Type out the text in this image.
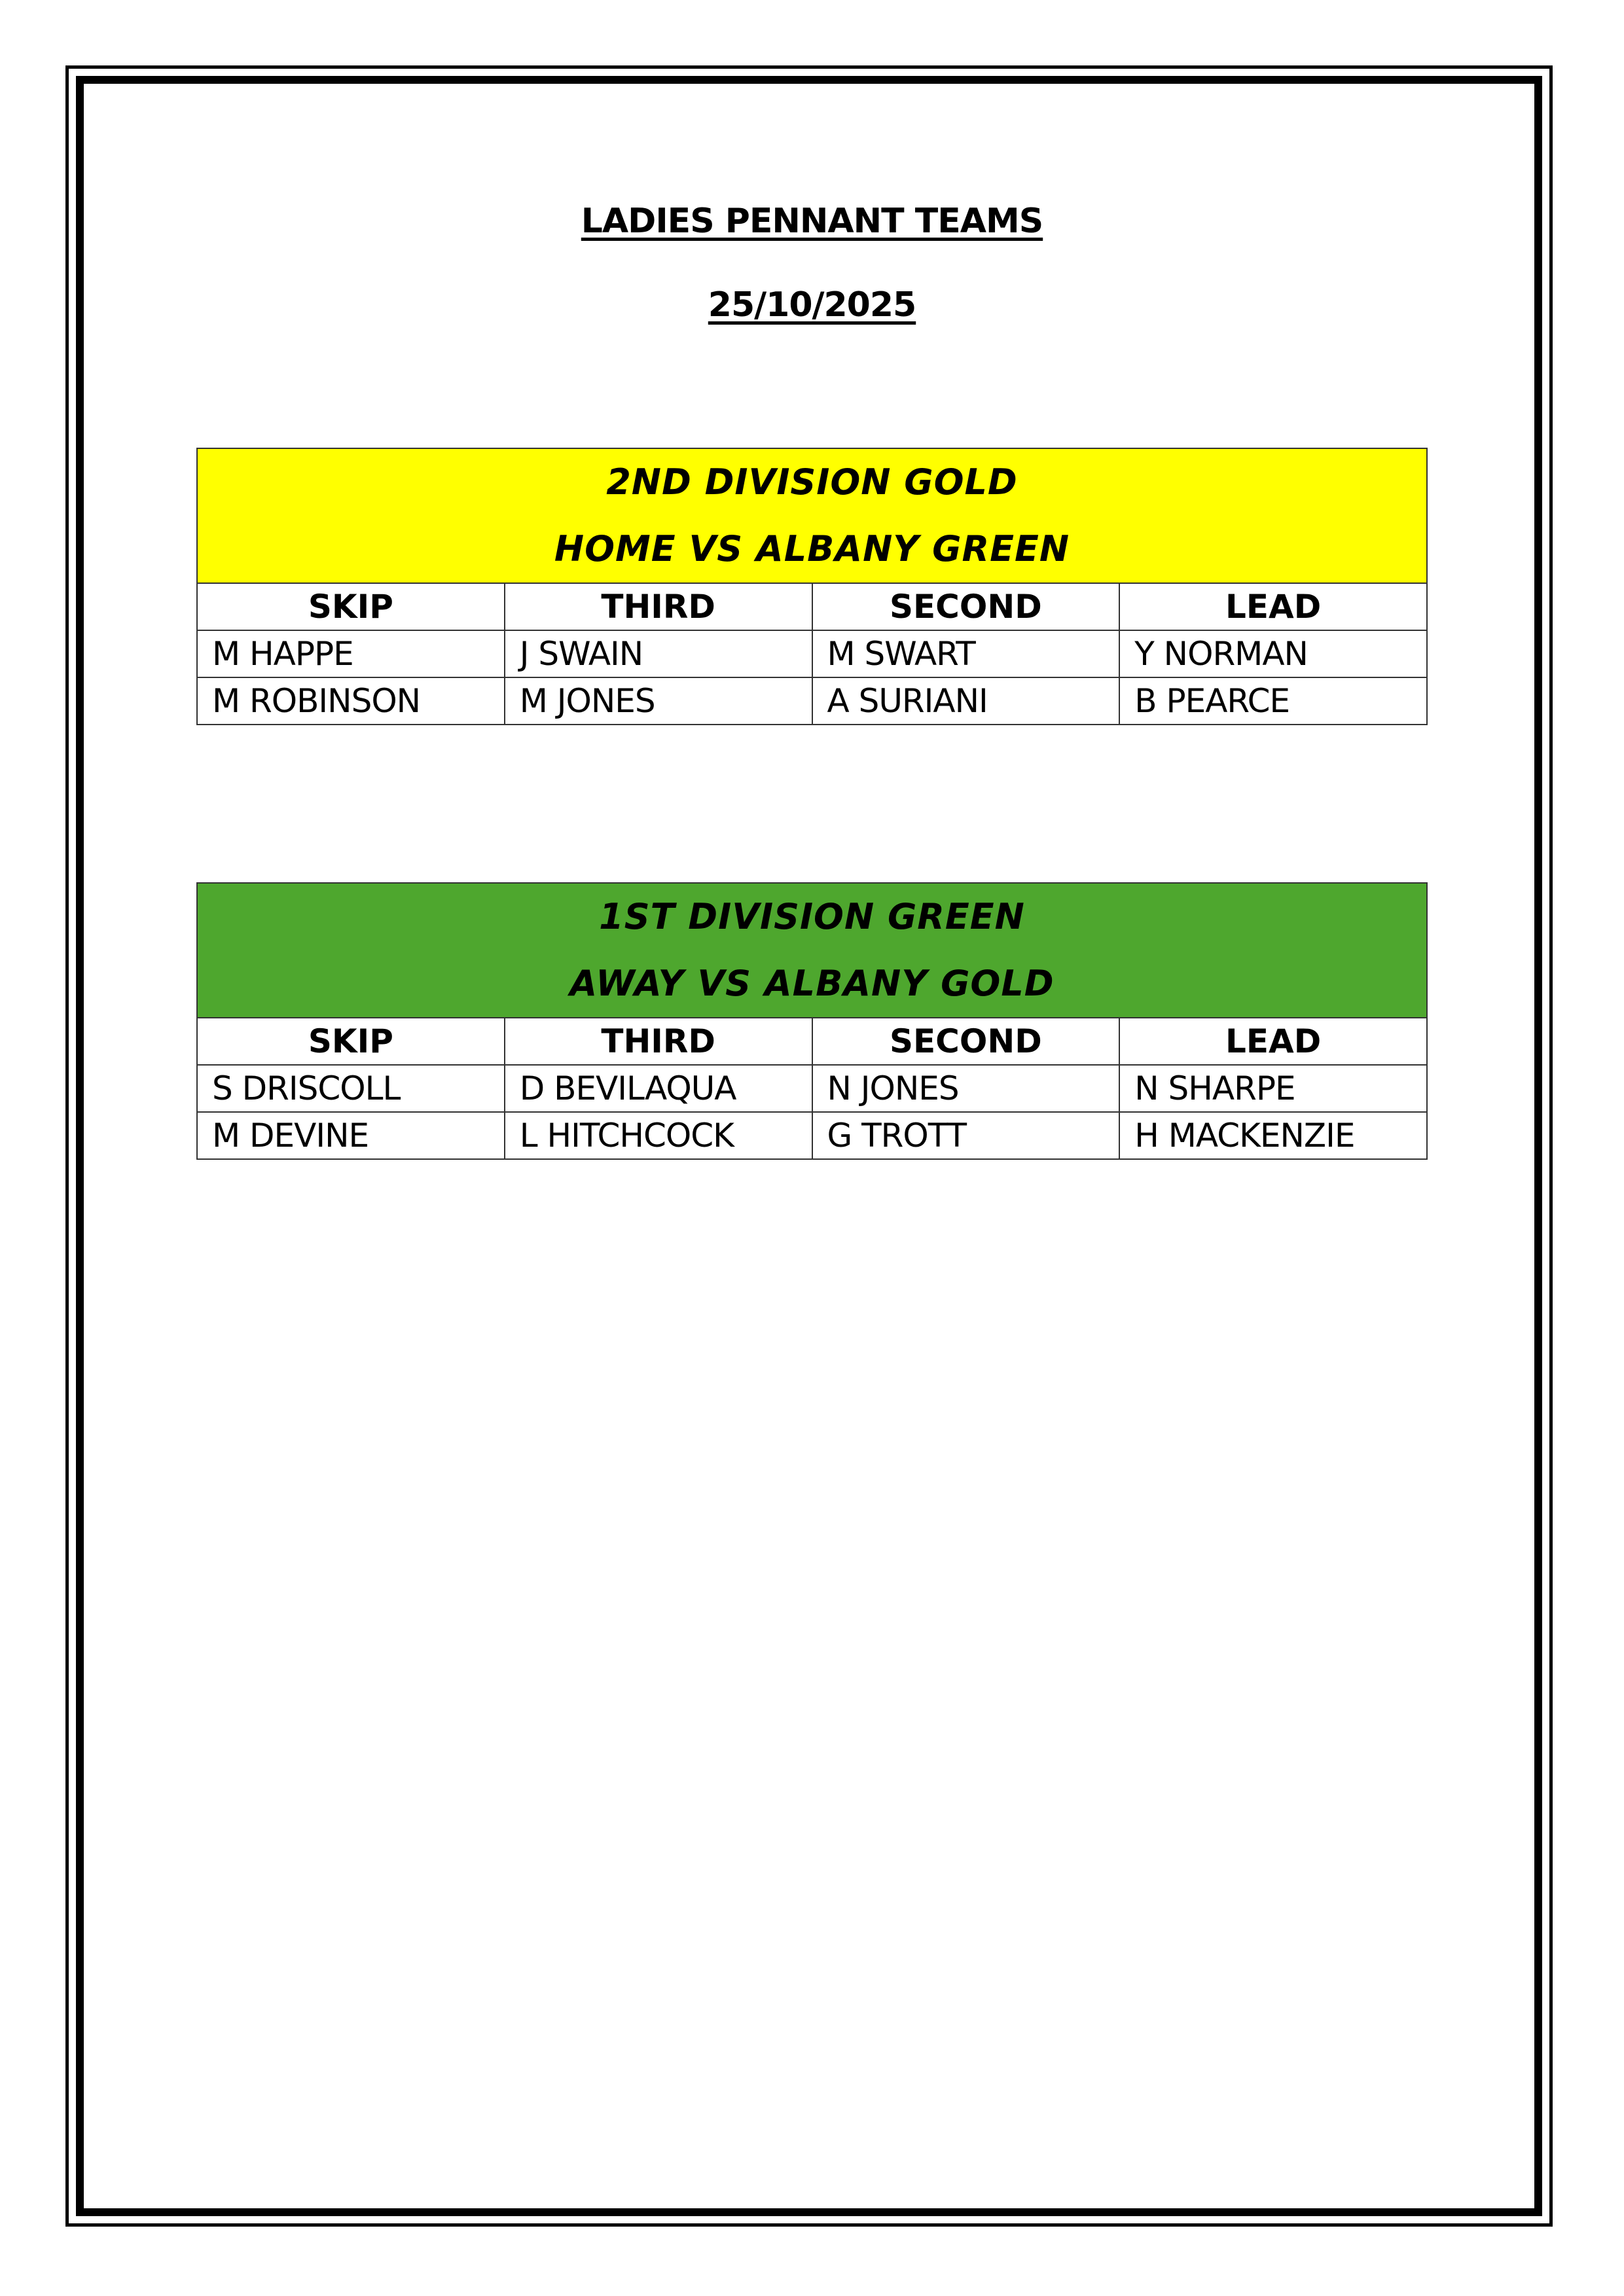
LADIES PENNANT TEAMS
25/10/2025
2ND DIVISION GOLD
HOME VS ALBANY GREEN			

SKIP	THIRD	SECOND	LEAD
M HAPPE	J SWAIN	M SWART	Y NORMAN
M ROBINSON	M JONES	A SURIANI	B PEARCE
1ST DIVISION GREEN
AWAY VS ALBANY GOLD			

SKIP	THIRD	SECOND	LEAD
S DRISCOLL	D BEVILAQUA	N JONES	N SHARPE
M DEVINE	L HITCHCOCK	G TROTT	H MACKENZIE
